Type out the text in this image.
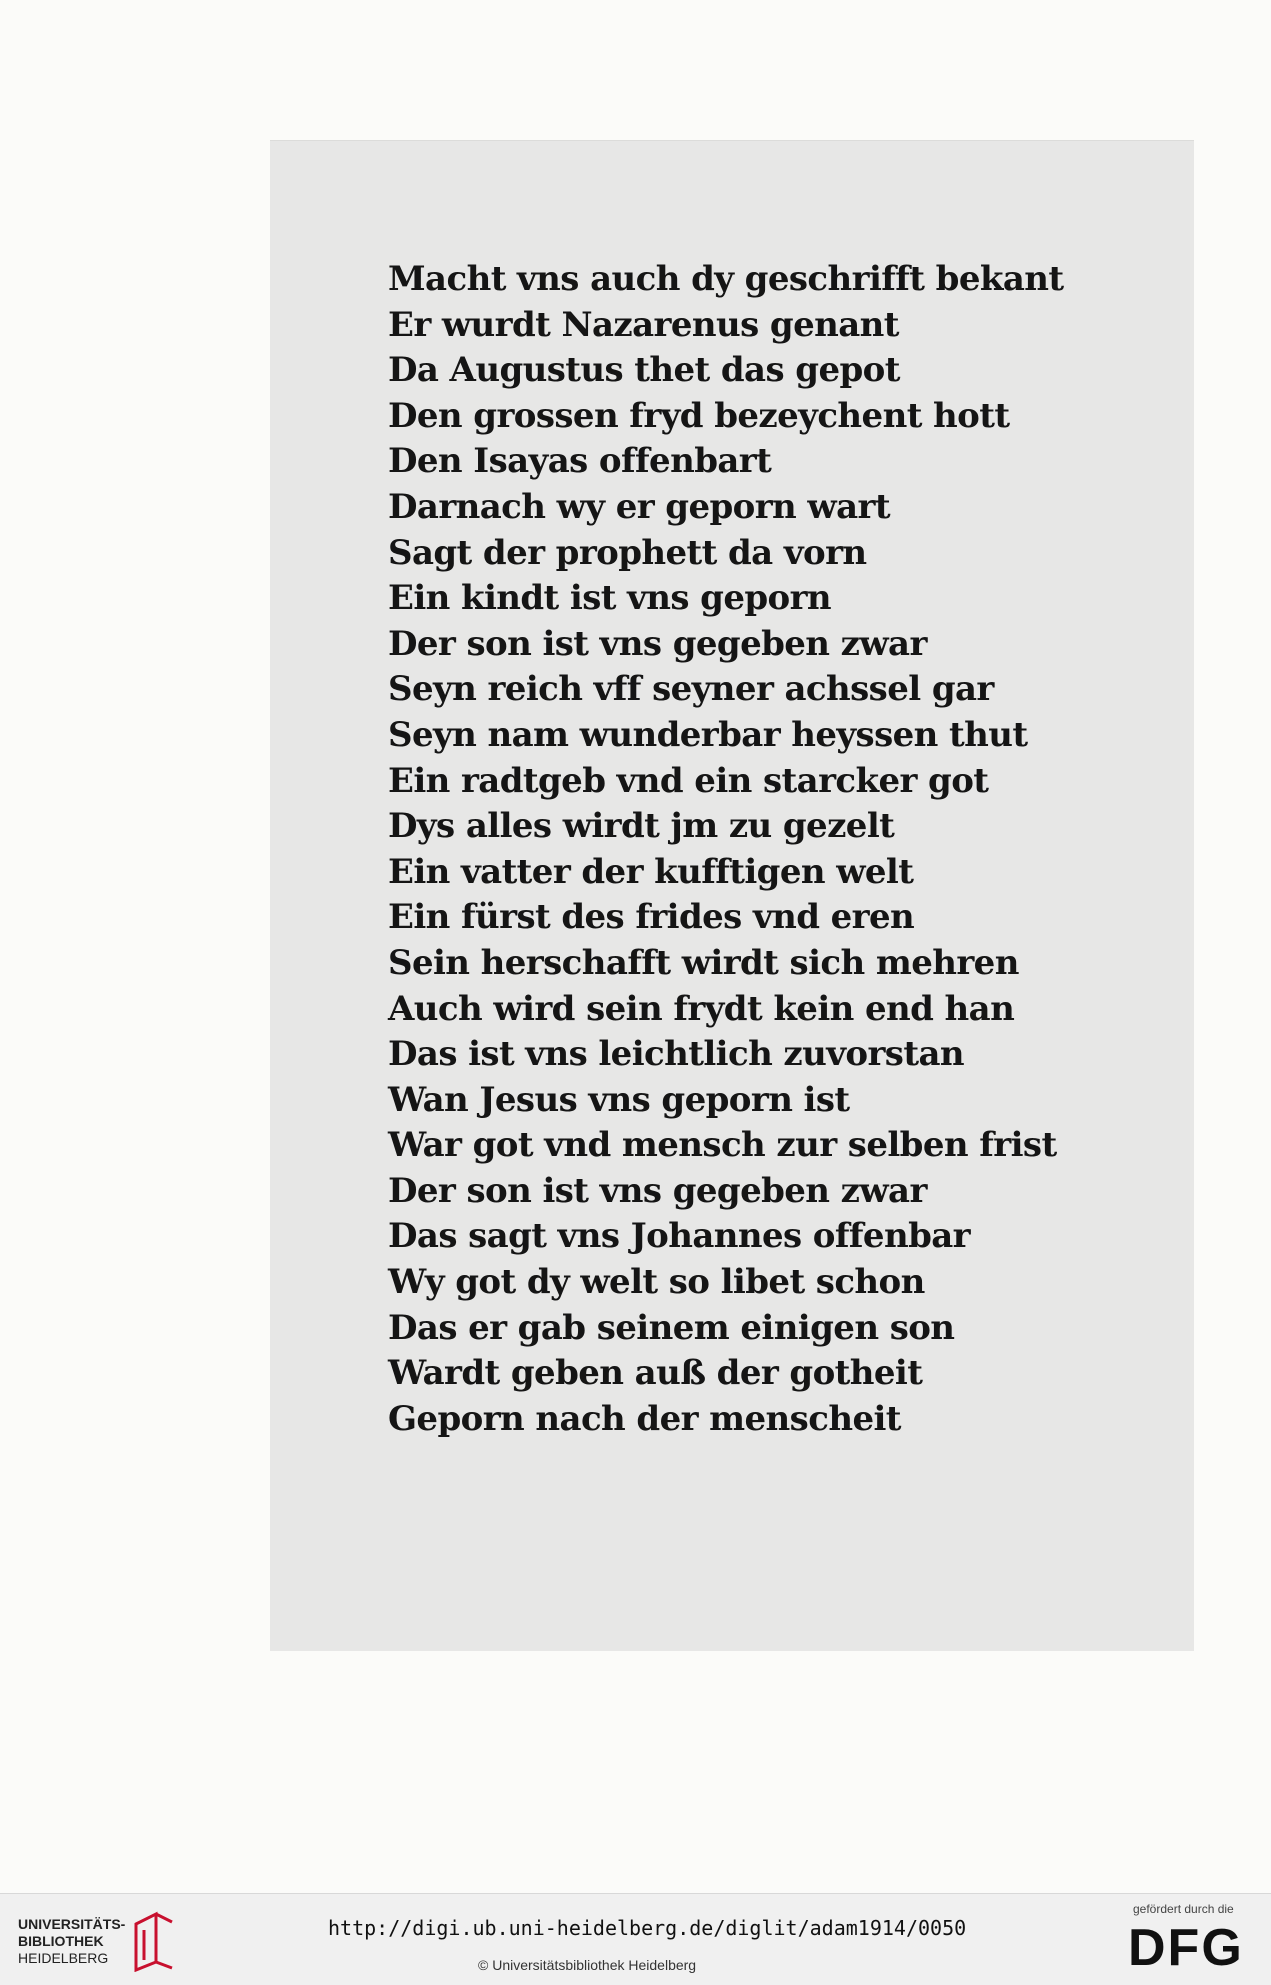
Macht vns auch dy geschrifft bekant
Er wurdt Nazarenus genant
Da Augustus thet das gepot
Den grossen fryd bezeychent hott
Den Isayas offenbart
Darnach wy er geporn wart
Sagt der prophett da vorn
Ein kindt ist vns geporn
Der son ist vns gegeben zwar
Seyn reich vff seyner achssel gar
Seyn nam wunderbar heyssen thut
Ein radtgeb vnd ein starcker got
Dys alles wirdt jm zu gezelt
Ein vatter der kufftigen welt
Ein fürst des frides vnd eren
Sein herschafft wirdt sich mehren
Auch wird sein frydt kein end han
Das ist vns leichtlich zuvorstan
Wan Jesus vns geporn ist
War got vnd mensch zur selben frist
Der son ist vns gegeben zwar
Das sagt vns Johannes offenbar
Wy got dy welt so libet schon
Das er gab seinem einigen son
Wardt geben auß der gotheit
Geporn nach der menscheit
UNIVERSITÄTS-
BIBLIOTHEK
HEIDELBERG
http://digi.ub.uni-heidelberg.de/diglit/adam1914/0050
© Universitätsbibliothek Heidelberg
gefördert durch die
DFG
